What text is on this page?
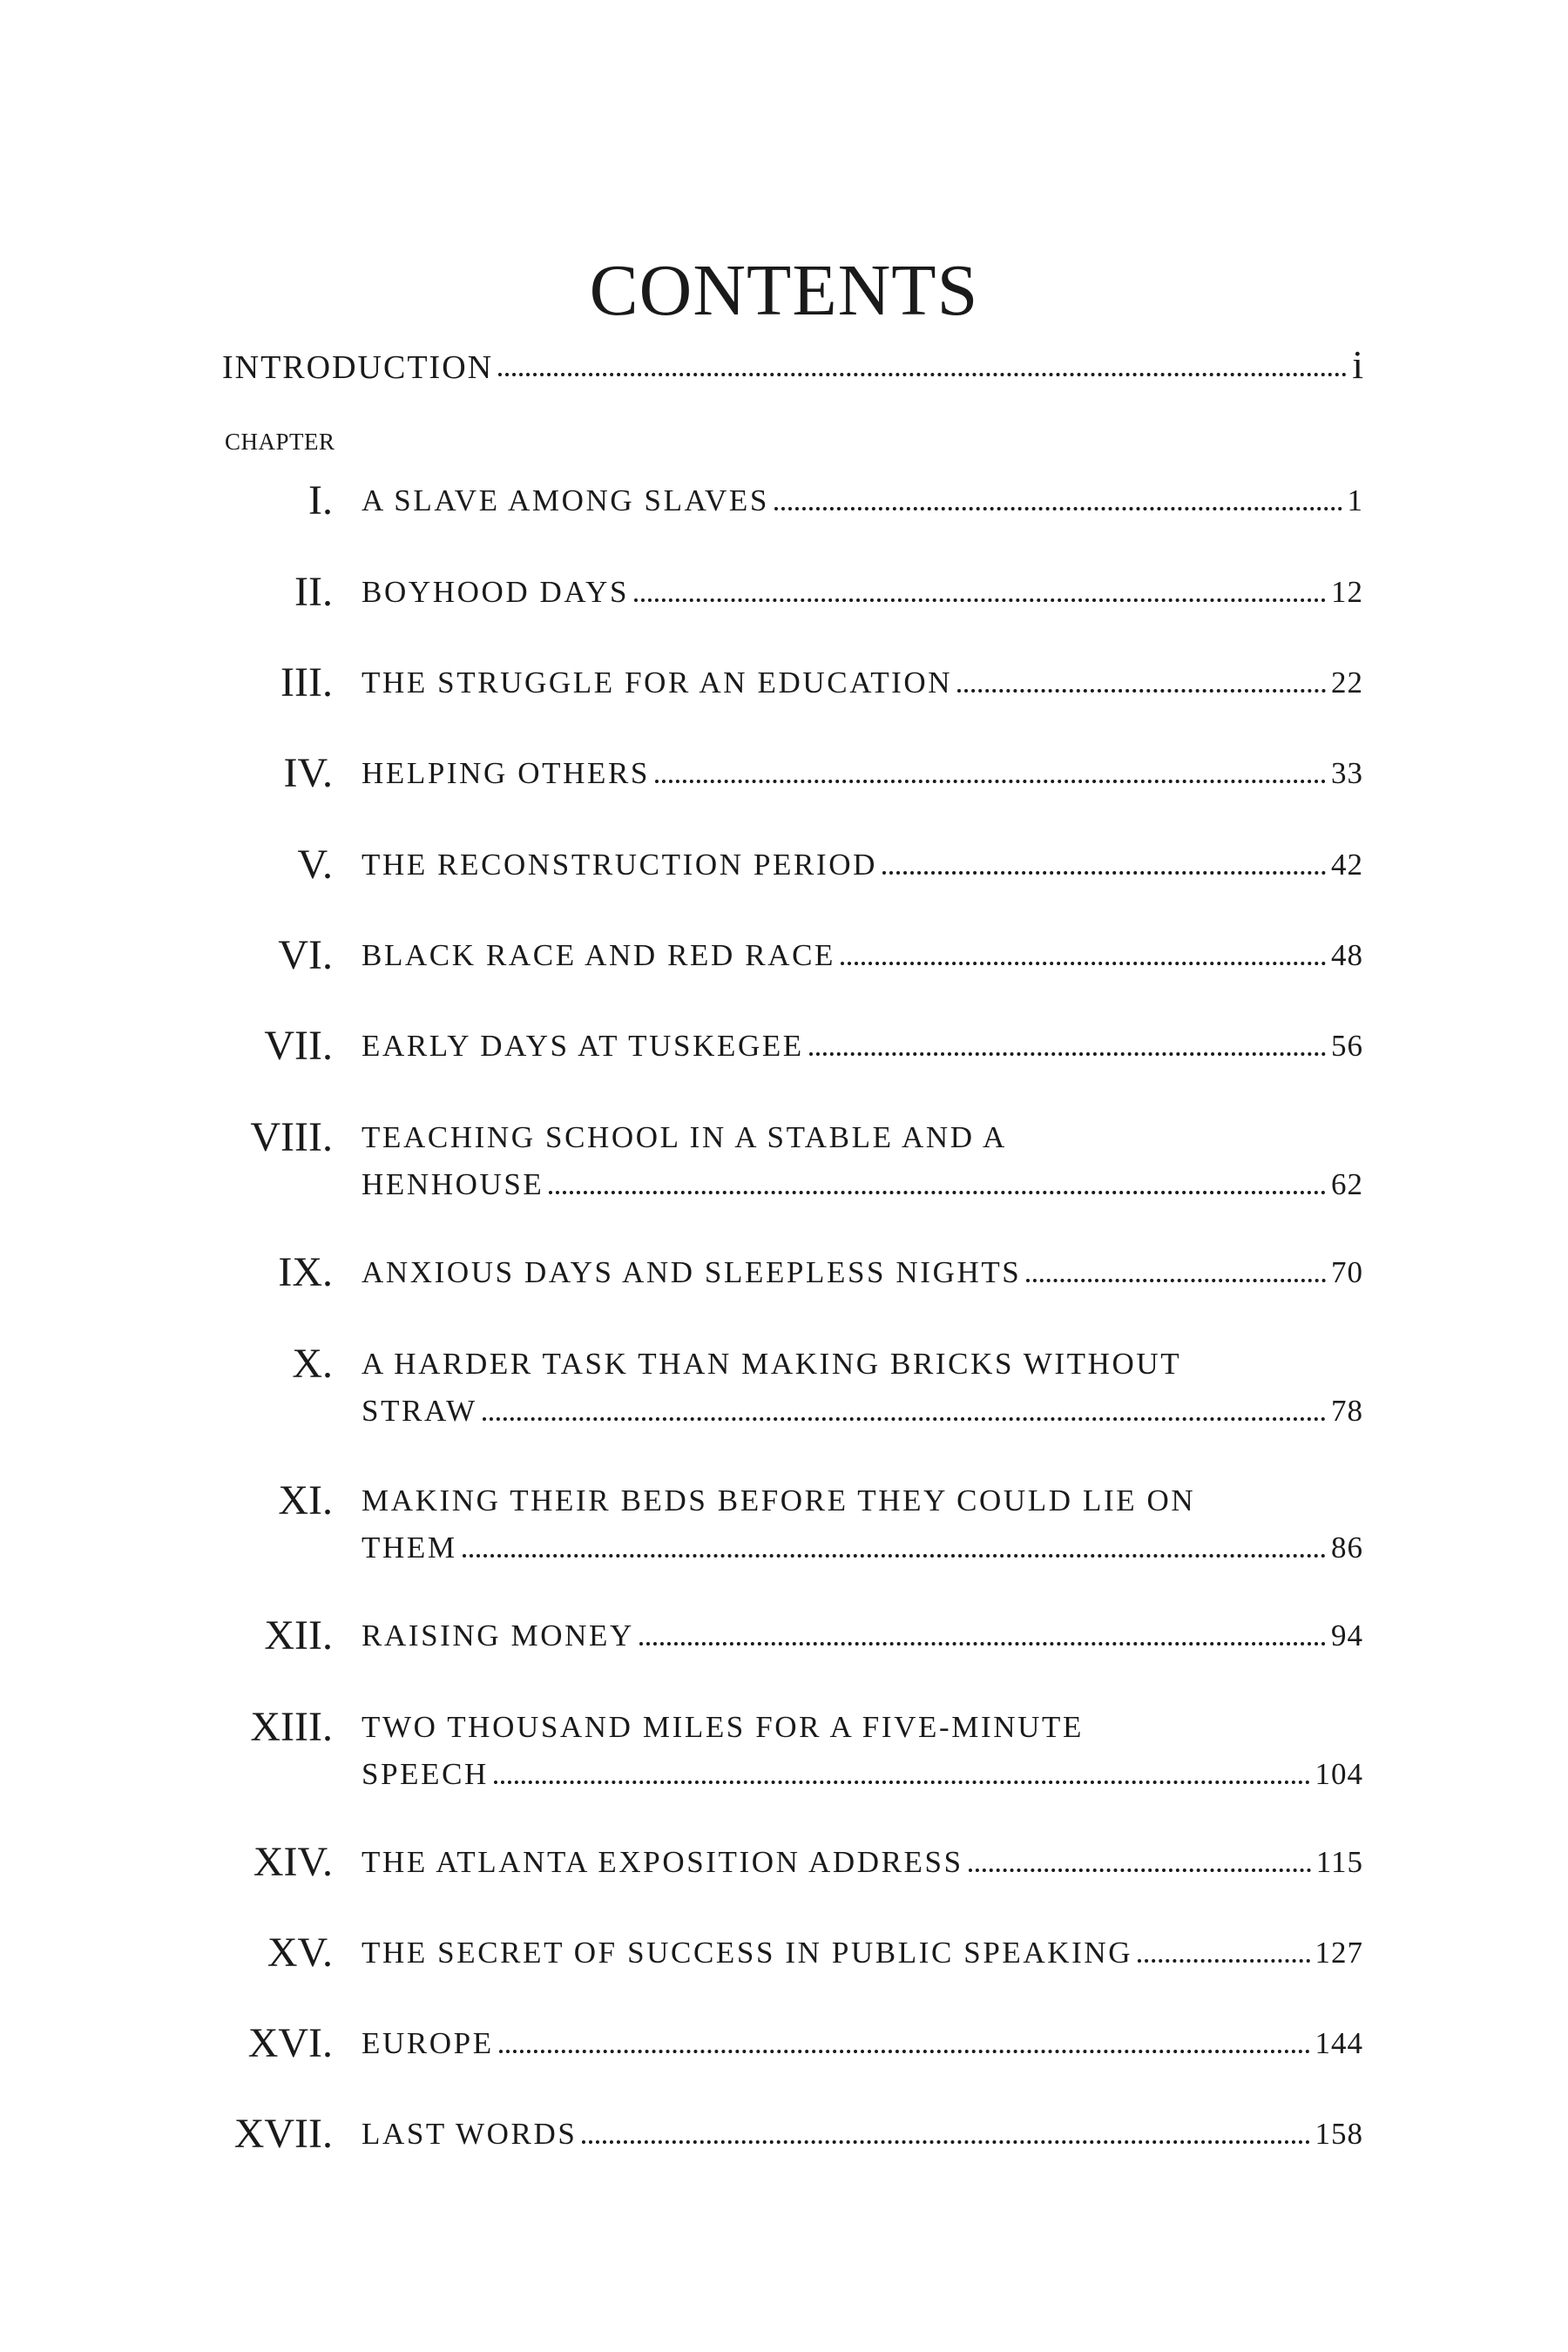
CONTENTS
INTRODUCTION	i
CHAPTER
I. A SLAVE AMONG SLAVES	1
II. BOYHOOD DAYS	12
III. THE STRUGGLE FOR AN EDUCATION	22
IV. HELPING OTHERS	33
V. THE RECONSTRUCTION PERIOD	42
VI. BLACK RACE AND RED RACE	48
VII. EARLY DAYS AT TUSKEGEE	56
VIII. TEACHING SCHOOL IN A STABLE AND A
HENHOUSE	62
IX. ANXIOUS DAYS AND SLEEPLESS NIGHTS	70
X. A HARDER TASK THAN MAKING BRICKS WITHOUT
STRAW	78
XI. MAKING THEIR BEDS BEFORE THEY COULD LIE ON
THEM	86
XII. RAISING MONEY	94
XIII. TWO THOUSAND MILES FOR A FIVE-MINUTE
SPEECH	104
XIV. THE ATLANTA EXPOSITION ADDRESS	115
XV. THE SECRET OF SUCCESS IN PUBLIC SPEAKING	127
XVI. EUROPE	144
XVII. LAST WORDS	158
